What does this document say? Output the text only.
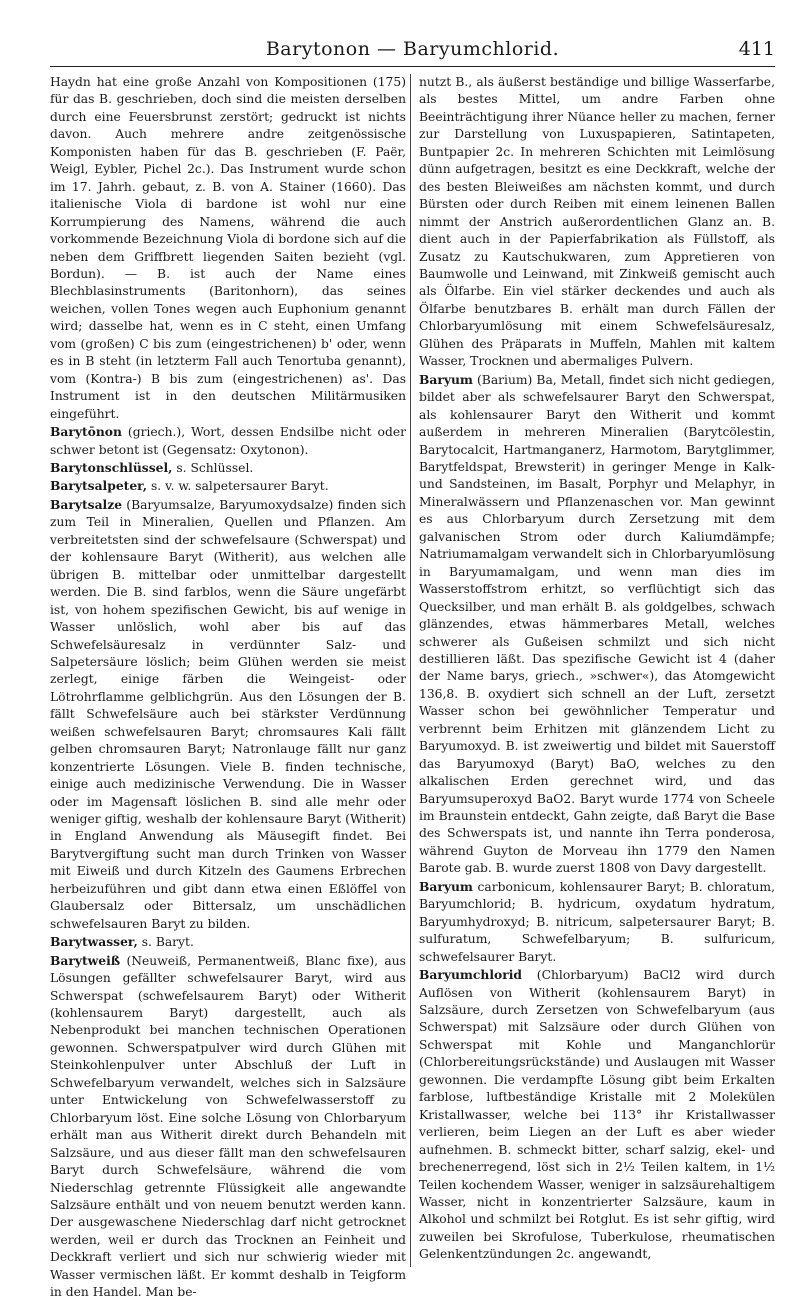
Barytonon — Baryumchlorid.	411

Haydn hat eine große Anzahl von Kompositionen (175) für das B. geschrieben, doch sind die meisten derselben durch eine Feuersbrunst zerstört; gedruckt ist nichts davon. Auch mehrere andre zeitgenössische Komponisten haben für das B. geschrieben (F. Paër, Weigl, Eybler, Pichel 2c.). Das Instrument wurde schon im 17. Jahrh. gebaut, z. B. von A. Stainer (1660). Das italienische Viola di bardone ist wohl nur eine Korrumpierung des Namens, während die auch vorkommende Bezeichnung Viola di bordone sich auf die neben dem Griffbrett liegenden Saiten bezieht (vgl. Bordun). — B. ist auch der Name eines Blechblasinstruments (Baritonhorn), das seines weichen, vollen Tones wegen auch Euphonium genannt wird; dasselbe hat, wenn es in C steht, einen Umfang vom (großen) C bis zum (eingestrichenen) b' oder, wenn es in B steht (in letzterm Fall auch Tenortuba genannt), vom (Kontra-) B bis zum (eingestrichenen) as'. Das Instrument ist in den deutschen Militärmusiken eingeführt.

Barytōnon (griech.), Wort, dessen Endsilbe nicht oder schwer betont ist (Gegensatz: Oxytonon).

Barytonschlüssel, s. Schlüssel.

Barytsalpeter, s. v. w. salpetersaurer Baryt.

Barytsalze (Baryumsalze, Baryumoxydsalze) finden sich zum Teil in Mineralien, Quellen und Pflanzen. Am verbreitetsten sind der schwefelsaure (Schwerspat) und der kohlensaure Baryt (Witherit), aus welchen alle übrigen B. mittelbar oder unmittelbar dargestellt werden. Die B. sind farblos, wenn die Säure ungefärbt ist, von hohem spezifischen Gewicht, bis auf wenige in Wasser unlöslich, wohl aber bis auf das Schwefelsäuresalz in verdünnter Salz- und Salpetersäure löslich; beim Glühen werden sie meist zerlegt, einige färben die Weingeist- oder Lötrohrflamme gelblichgrün. Aus den Lösungen der B. fällt Schwefelsäure auch bei stärkster Verdünnung weißen schwefelsauren Baryt; chromsaures Kali fällt gelben chromsauren Baryt; Natronlauge fällt nur ganz konzentrierte Lösungen. Viele B. finden technische, einige auch medizinische Verwendung. Die in Wasser oder im Magensaft löslichen B. sind alle mehr oder weniger giftig, weshalb der kohlensaure Baryt (Witherit) in England Anwendung als Mäusegift findet. Bei Barytvergiftung sucht man durch Trinken von Wasser mit Eiweiß und durch Kitzeln des Gaumens Erbrechen herbeizuführen und gibt dann etwa einen Eßlöffel von Glaubersalz oder Bittersalz, um unschädlichen schwefelsauren Baryt zu bilden.

Barytwasser, s. Baryt.

Barytweiß (Neuweiß, Permanentweiß, Blanc fixe), aus Lösungen gefällter schwefelsaurer Baryt, wird aus Schwerspat (schwefelsaurem Baryt) oder Witherit (kohlensaurem Baryt) dargestellt, auch als Nebenprodukt bei manchen technischen Operationen gewonnen. Schwerspatpulver wird durch Glühen mit Steinkohlenpulver unter Abschluß der Luft in Schwefelbaryum verwandelt, welches sich in Salzsäure unter Entwickelung von Schwefelwasserstoff zu Chlorbaryum löst. Eine solche Lösung von Chlorbaryum erhält man aus Witherit direkt durch Behandeln mit Salzsäure, und aus dieser fällt man den schwefelsauren Baryt durch Schwefelsäure, während die vom Niederschlag getrennte Flüssigkeit alle angewandte Salzsäure enthält und von neuem benutzt werden kann. Der ausgewaschene Niederschlag darf nicht getrocknet werden, weil er durch das Trocknen an Feinheit und Deckkraft verliert und sich nur schwierig wieder mit Wasser vermischen läßt. Er kommt deshalb in Teigform in den Handel. Man be-

nutzt B., als äußerst beständige und billige Wasserfarbe, als bestes Mittel, um andre Farben ohne Beeinträchtigung ihrer Nüance heller zu machen, ferner zur Darstellung von Luxuspapieren, Satintapeten, Buntpapier 2c. In mehreren Schichten mit Leimlösung dünn aufgetragen, besitzt es eine Deckkraft, welche der des besten Bleiweißes am nächsten kommt, und durch Bürsten oder durch Reiben mit einem leinenen Ballen nimmt der Anstrich außerordentlichen Glanz an. B. dient auch in der Papierfabrikation als Füllstoff, als Zusatz zu Kautschukwaren, zum Appretieren von Baumwolle und Leinwand, mit Zinkweiß gemischt auch als Ölfarbe. Ein viel stärker deckendes und auch als Ölfarbe benutzbares B. erhält man durch Fällen der Chlorbaryumlösung mit einem Schwefelsäuresalz, Glühen des Präparats in Muffeln, Mahlen mit kaltem Wasser, Trocknen und abermaliges Pulvern.

Baryum (Barium) Ba, Metall, findet sich nicht gediegen, bildet aber als schwefelsaurer Baryt den Schwerspat, als kohlensaurer Baryt den Witherit und kommt außerdem in mehreren Mineralien (Barytcölestin, Barytocalcit, Hartmanganerz, Harmotom, Barytglimmer, Barytfeldspat, Brewsterit) in geringer Menge in Kalk- und Sandsteinen, im Basalt, Porphyr und Melaphyr, in Mineralwässern und Pflanzenaschen vor. Man gewinnt es aus Chlorbaryum durch Zersetzung mit dem galvanischen Strom oder durch Kaliumdämpfe; Natriumamalgam verwandelt sich in Chlorbaryumlösung in Baryumamalgam, und wenn man dies im Wasserstoffstrom erhitzt, so verflüchtigt sich das Quecksilber, und man erhält B. als goldgelbes, schwach glänzendes, etwas hämmerbares Metall, welches schwerer als Gußeisen schmilzt und sich nicht destillieren läßt. Das spezifische Gewicht ist 4 (daher der Name barys, griech., »schwer«), das Atomgewicht 136,8. B. oxydiert sich schnell an der Luft, zersetzt Wasser schon bei gewöhnlicher Temperatur und verbrennt beim Erhitzen mit glänzendem Licht zu Baryumoxyd. B. ist zweiwertig und bildet mit Sauerstoff das Baryumoxyd (Baryt) BaO, welches zu den alkalischen Erden gerechnet wird, und das Baryumsuperoxyd BaO2. Baryt wurde 1774 von Scheele im Braunstein entdeckt, Gahn zeigte, daß Baryt die Base des Schwerspats ist, und nannte ihn Terra ponderosa, während Guyton de Morveau ihn 1779 den Namen Barote gab. B. wurde zuerst 1808 von Davy dargestellt.

Baryum carbonicum, kohlensaurer Baryt; B. chloratum, Baryumchlorid; B. hydricum, oxydatum hydratum, Baryumhydroxyd; B. nitricum, salpetersaurer Baryt; B. sulfuratum, Schwefelbaryum; B. sulfuricum, schwefelsaurer Baryt.

Baryumchlorid (Chlorbaryum) BaCl2 wird durch Auflösen von Witherit (kohlensaurem Baryt) in Salzsäure, durch Zersetzen von Schwefelbaryum (aus Schwerspat) mit Salzsäure oder durch Glühen von Schwerspat mit Kohle und Manganchlorür (Chlorbereitungsrückstände) und Auslaugen mit Wasser gewonnen. Die verdampfte Lösung gibt beim Erkalten farblose, luftbeständige Kristalle mit 2 Molekülen Kristallwasser, welche bei 113° ihr Kristallwasser verlieren, beim Liegen an der Luft es aber wieder aufnehmen. B. schmeckt bitter, scharf salzig, ekel- und brechenerregend, löst sich in 2½ Teilen kaltem, in 1½ Teilen kochendem Wasser, weniger in salzsäurehaltigem Wasser, nicht in konzentrierter Salzsäure, kaum in Alkohol und schmilzt bei Rotglut. Es ist sehr giftig, wird zuweilen bei Skrofulose, Tuberkulose, rheumatischen Gelenkentzündungen 2c. angewandt,
